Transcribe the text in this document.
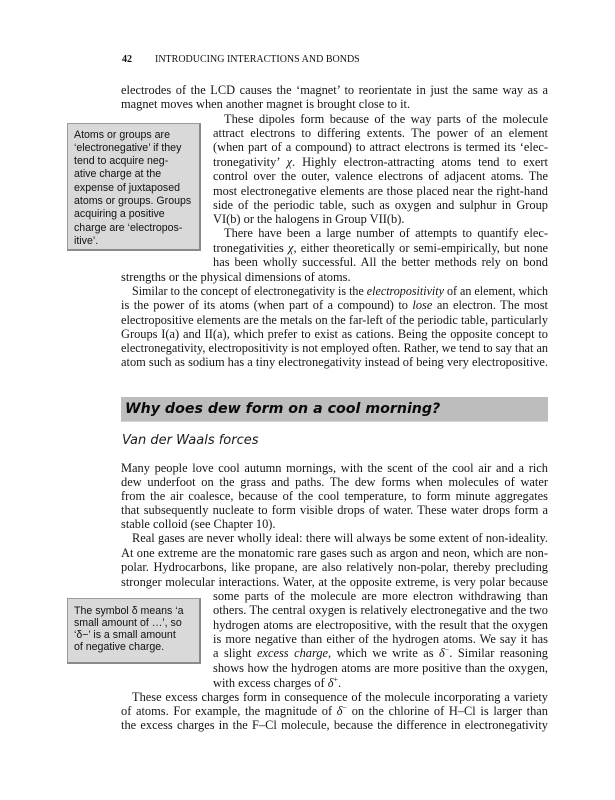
42 INTRODUCING INTERACTIONS AND BONDS
Atoms or groups are
‘electronegative’ if they
tend to acquire neg-
ative charge at the
expense of juxtaposed
atoms or groups. Groups
acquiring a positive
charge are ‘electropos-
itive’.
The symbol δ means ‘a
small amount of …’, so
‘δ−’ is a small amount
of negative charge.
Why does dew form on a cool morning?
Van der Waals forces
electrodes of the LCD causes the ‘magnet’ to reorientate in just the same way as a
magnet moves when another magnet is brought close to it.
These dipoles form because of the way parts of the molecule
attract electrons to differing extents. The power of an element
(when part of a compound) to attract electrons is termed its ‘elec-
tronegativity’ χ. Highly electron-attracting atoms tend to exert
control over the outer, valence electrons of adjacent atoms. The
most electronegative elements are those placed near the right-hand
side of the periodic table, such as oxygen and sulphur in Group
VI(b) or the halogens in Group VII(b).
There have been a large number of attempts to quantify elec-
tronegativities χ, either theoretically or semi-empirically, but none
has been wholly successful. All the better methods rely on bond
strengths or the physical dimensions of atoms.
Similar to the concept of electronegativity is the electropositivity of an element, which
is the power of its atoms (when part of a compound) to lose an electron. The most
electropositive elements are the metals on the far-left of the periodic table, particularly
Groups I(a) and II(a), which prefer to exist as cations. Being the opposite concept to
electronegativity, electropositivity is not employed often. Rather, we tend to say that an
atom such as sodium has a tiny electronegativity instead of being very electropositive.
Many people love cool autumn mornings, with the scent of the cool air and a rich
dew underfoot on the grass and paths. The dew forms when molecules of water
from the air coalesce, because of the cool temperature, to form minute aggregates
that subsequently nucleate to form visible drops of water. These water drops form a
stable colloid (see Chapter 10).
Real gases are never wholly ideal: there will always be some extent of non-ideality.
At one extreme are the monatomic rare gases such as argon and neon, which are non-
polar. Hydrocarbons, like propane, are also relatively non-polar, thereby precluding
stronger molecular interactions. Water, at the opposite extreme, is very polar because
some parts of the molecule are more electron withdrawing than
others. The central oxygen is relatively electronegative and the two
hydrogen atoms are electropositive, with the result that the oxygen
is more negative than either of the hydrogen atoms. We say it has
a slight excess charge, which we write as δ−. Similar reasoning
shows how the hydrogen atoms are more positive than the oxygen,
with excess charges of δ+.
These excess charges form in consequence of the molecule incorporating a variety
of atoms. For example, the magnitude of δ− on the chlorine of H–Cl is larger than
the excess charges in the F–Cl molecule, because the difference in electronegativity
